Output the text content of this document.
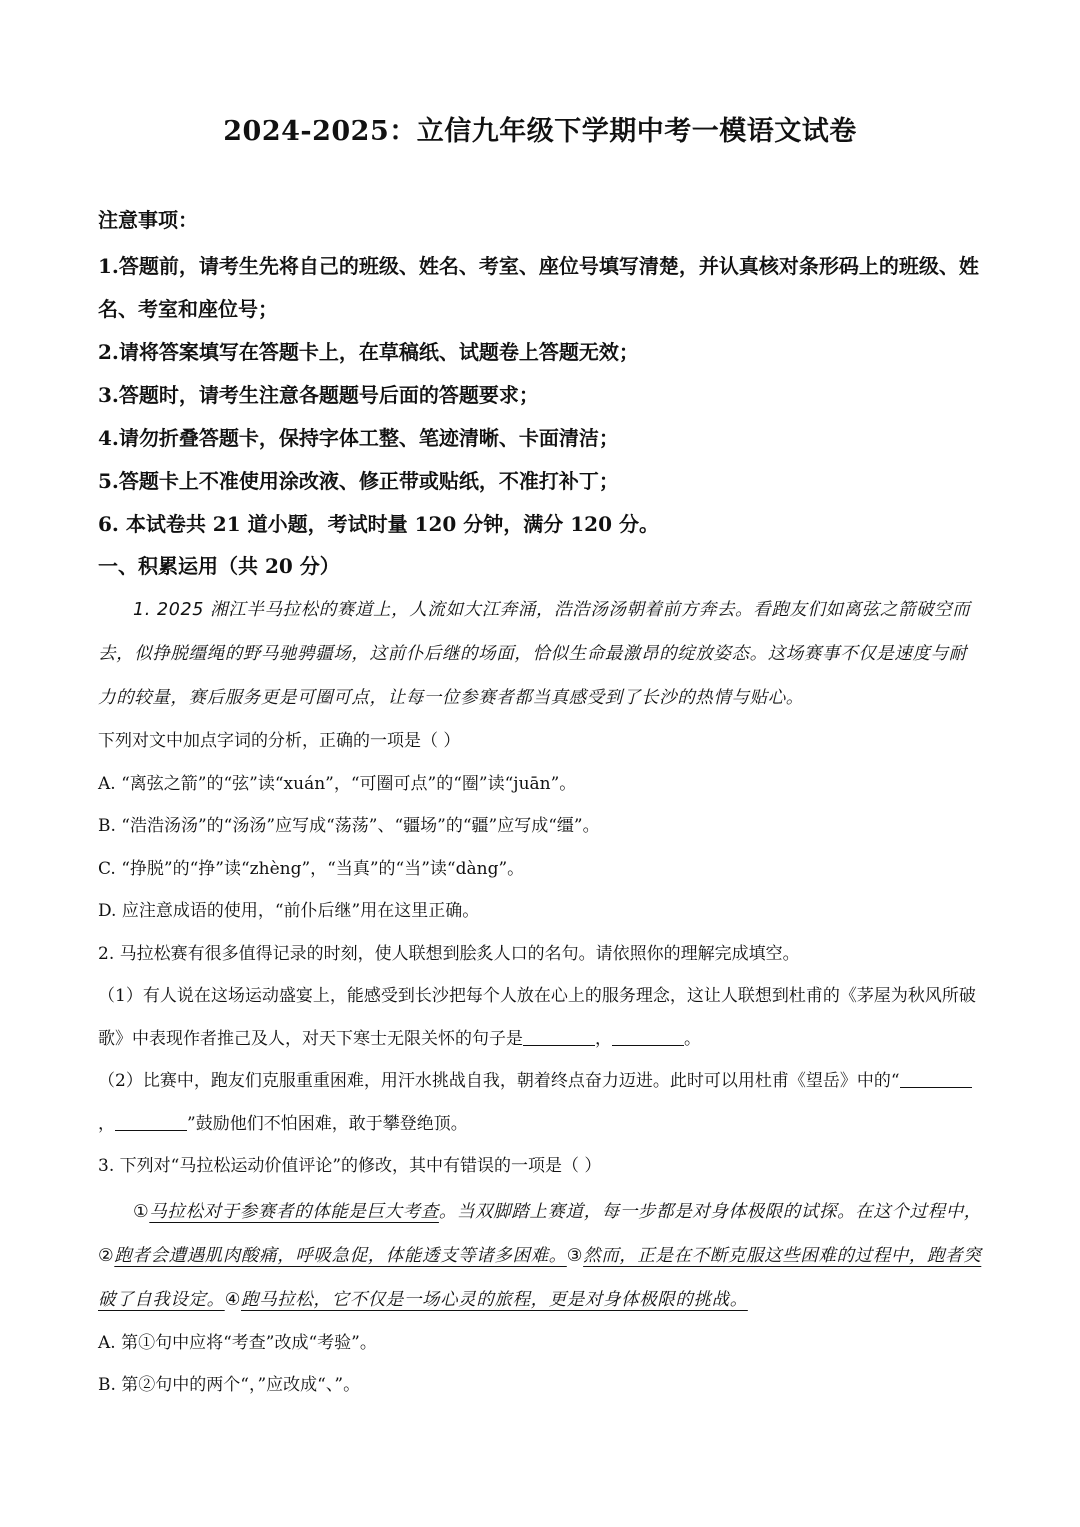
2024-2025：立信九年级下学期中考一模语文试卷
注意事项：

1.答题前，请考生先将自己的班级、姓名、考室、座位号填写清楚，并认真核对条形码上的班级、姓名、考室和座位号；

2.请将答案填写在答题卡上，在草稿纸、试题卷上答题无效；

3.答题时，请考生注意各题题号后面的答题要求；

4.请勿折叠答题卡，保持字体工整、笔迹清晰、卡面清洁；

5.答题卡上不准使用涂改液、修正带或贴纸，不准打补丁；

6. 本试卷共 21 道小题，考试时量 120 分钟，满分 120 分。

一、积累运用（共 20 分）

1. 2025 湘江半马拉松的赛道上，人流如大江奔涌，浩浩汤汤朝着前方奔去。看跑友们如离弦之箭破空而去，似挣脱缰绳的野马驰骋疆场，这前仆后继的场面，恰似生命最激昂的绽放姿态。这场赛事不仅是速度与耐力的较量，赛后服务更是可圈可点，让每一位参赛者都当真感受到了长沙的热情与贴心。

下列对文中加点字词的分析，正确的一项是（ ）

A. “离弦之箭”的“弦”读“xuán”，“可圈可点”的“圈”读“juān”。

B. “浩浩汤汤”的“汤汤”应写成“荡荡”、“疆场”的“疆”应写成“缰”。

C. “挣脱”的“挣”读“zhèng”，“当真”的“当”读“dàng”。

D. 应注意成语的使用，“前仆后继”用在这里正确。

2. 马拉松赛有很多值得记录的时刻，使人联想到脍炙人口的名句。请依照你的理解完成填空。

（1）有人说在这场运动盛宴上，能感受到长沙把每个人放在心上的服务理念，这让人联想到杜甫的《茅屋为秋风所破歌》中表现作者推己及人，对天下寒士无限关怀的句子是	，	。

（2）比赛中，跑友们克服重重困难，用汗水挑战自我，朝着终点奋力迈进。此时可以用杜甫《望岳》中的“，	”鼓励他们不怕困难，敢于攀登绝顶。

3. 下列对“马拉松运动价值评论”的修改，其中有错误的一项是（ ）

①马拉松对于参赛者的体能是巨大考查。当双脚踏上赛道，每一步都是对身体极限的试探。在这个过程中，②跑者会遭遇肌肉酸痛，呼吸急促，体能透支等诸多困难。③然而，正是在不断克服这些困难的过程中，跑者突破了自我设定。④跑马拉松，它不仅是一场心灵的旅程，更是对身体极限的挑战。

A. 第①句中应将“考查”改成“考验”。

B. 第②句中的两个“，”应改成“、”。
